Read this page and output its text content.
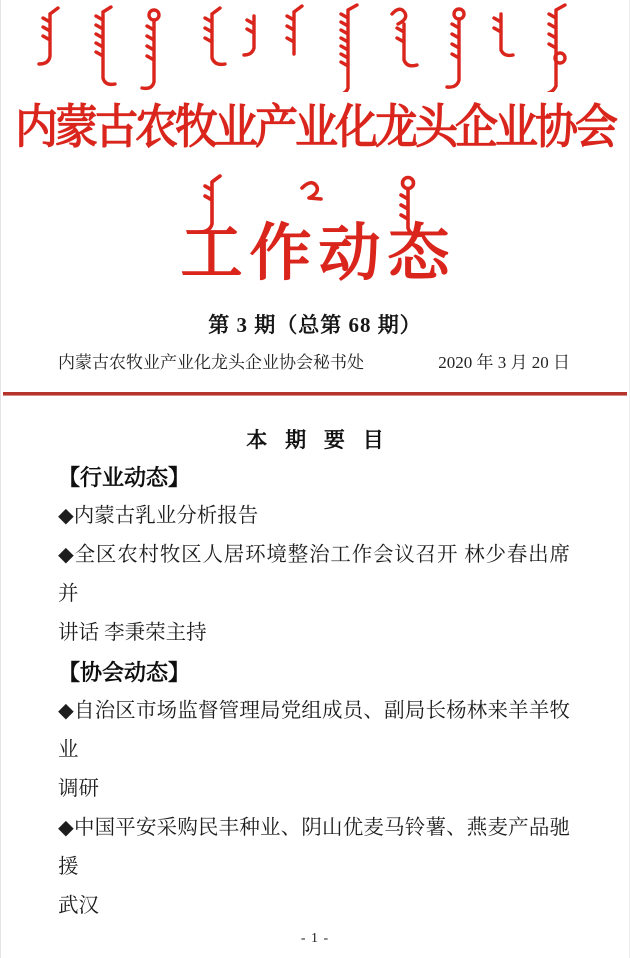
内蒙古农牧业产业化龙头企业协会
工作动态
第 3 期（总第 68 期）
内蒙古农牧业产业化龙头企业协会秘书处	2020 年 3 月 20 日
本 期 要 目
【行业动态】
◆内蒙古乳业分析报告
◆全区农村牧区人居环境整治工作会议召开 林少春出席并
讲话 李秉荣主持
【协会动态】
◆自治区市场监督管理局党组成员、副局长杨林来羊羊牧业
调研
◆中国平安采购民丰种业、阴山优麦马铃薯、燕麦产品驰援
武汉
- 1 -
